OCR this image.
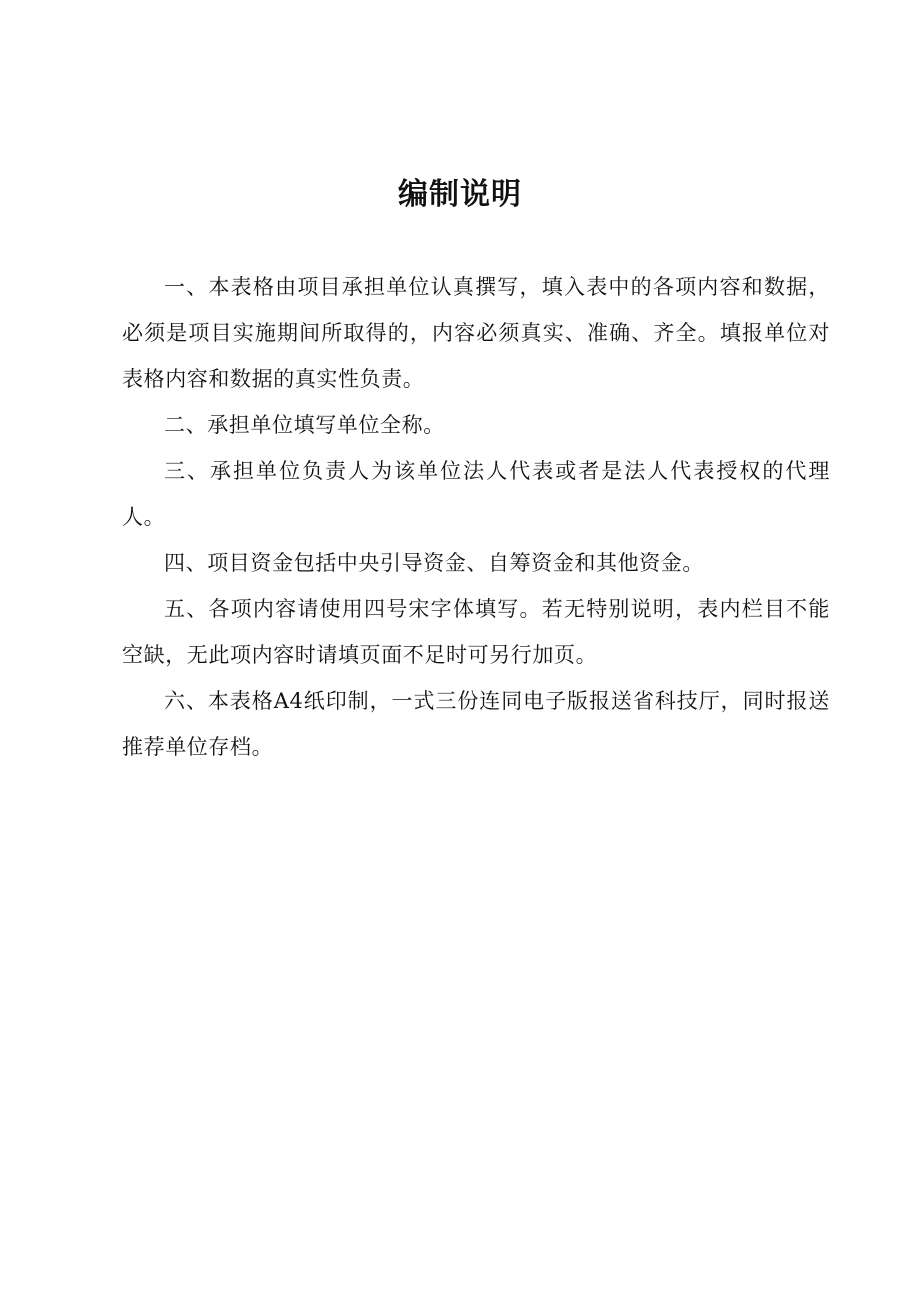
编制说明

一、本表格由项目承担单位认真撰写，填入表中的各项内容和数据，必须是项目实施期间所取得的，内容必须真实、准确、齐全。填报单位对表格内容和数据的真实性负责。

二、承担单位填写单位全称。

三、承担单位负责人为该单位法人代表或者是法人代表授权的代理人。

四、项目资金包括中央引导资金、自筹资金和其他资金。

五、各项内容请使用四号宋字体填写。若无特别说明，表内栏目不能空缺，无此项内容时请填页面不足时可另行加页。

六、本表格A4纸印制，一式三份连同电子版报送省科技厅，同时报送推荐单位存档。
